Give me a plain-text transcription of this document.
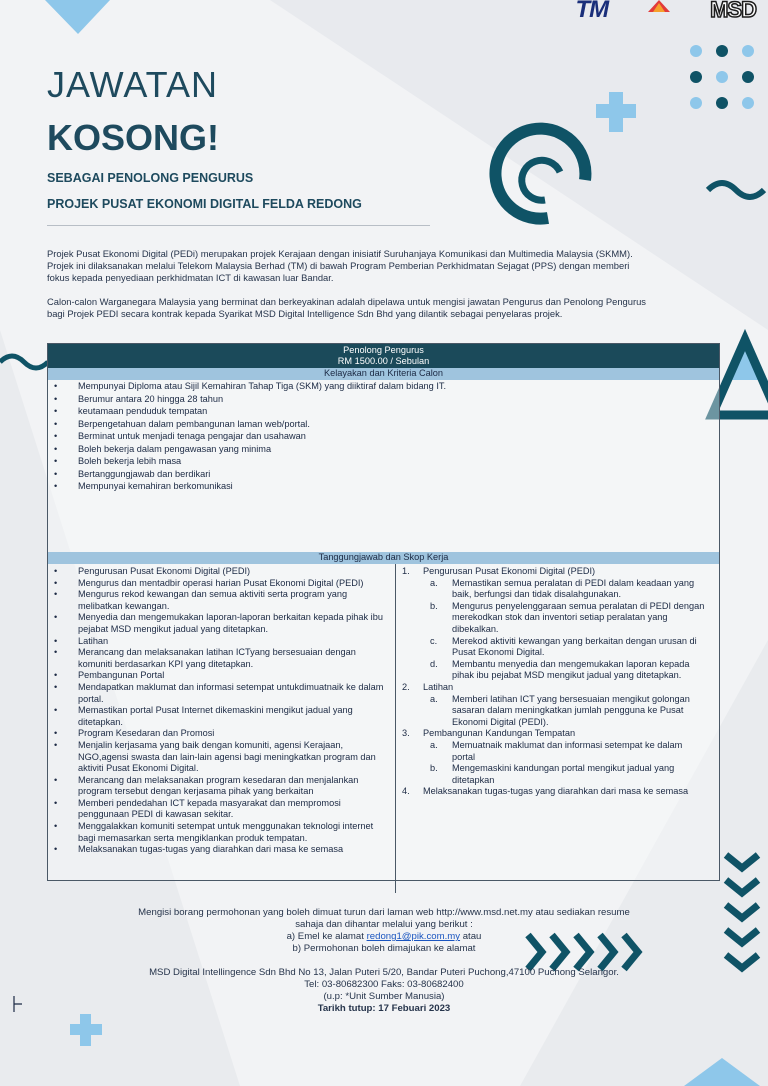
TM	MSD
JAWATAN
KOSONG!
SEBAGAI PENOLONG PENGURUS
PROJEK PUSAT EKONOMI DIGITAL FELDA REDONG
Projek Pusat Ekonomi Digital (PEDi) merupakan projek Kerajaan dengan inisiatif Suruhanjaya Komunikasi dan Multimedia Malaysia (SKMM). Projek ini dilaksanakan melalui Telekom Malaysia Berhad (TM) di bawah Program Pemberian Perkhidmatan Sejagat (PPS) dengan memberi fokus kepada penyediaan perkhidmatan ICT di kawasan luar Bandar.
Calon-calon Warganegara Malaysia yang berminat dan berkeyakinan adalah dipelawa untuk mengisi jawatan Pengurus dan Penolong Pengurus bagi Projek PEDI secara kontrak kepada Syarikat MSD Digital Intelligence Sdn Bhd yang dilantik sebagai penyelaras projek.
Penolong Pengurus
RM 1500.00 / Sebulan
Kelayakan dan Kriteria Calon
• Mempunyai Diploma atau Sijil Kemahiran Tahap Tiga (SKM) yang diiktiraf dalam bidang IT.
• Berumur antara 20 hingga 28 tahun
• keutamaan penduduk tempatan
• Berpengetahuan dalam pembangunan laman web/portal.
• Berminat untuk menjadi tenaga pengajar dan usahawan
• Boleh bekerja dalam pengawasan yang minima
• Boleh bekerja lebih masa
• Bertanggungjawab dan berdikari
• Mempunyai kemahiran berkomunikasi
Tanggungjawab dan Skop Kerja
• Pengurusan Pusat Ekonomi Digital (PEDI)
• Mengurus dan mentadbir operasi harian Pusat Ekonomi Digital (PEDI)
• Mengurus rekod kewangan dan semua aktiviti serta program yang melibatkan kewangan.
• Menyedia dan mengemukakan laporan-laporan berkaitan kepada pihak ibu pejabat MSD mengikut jadual yang ditetapkan.
• Latihan
• Merancang dan melaksanakan latihan ICTyang bersesuaian dengan komuniti berdasarkan KPI yang ditetapkan.
• Pembangunan Portal
• Mendapatkan maklumat dan informasi setempat untukdimuatnaik ke dalam portal.
• Memastikan portal Pusat Internet dikemaskini mengikut jadual yang ditetapkan.
• Program Kesedaran dan Promosi
• Menjalin kerjasama yang baik dengan komuniti, agensi Kerajaan, NGO,agensi swasta dan lain-lain agensi bagi meningkatkan program dan aktiviti Pusat Ekonomi Digital.
• Merancang dan melaksanakan program kesedaran dan menjalankan program tersebut dengan kerjasama pihak yang berkaitan
• Memberi pendedahan ICT kepada masyarakat dan mempromosi penggunaan PEDI di kawasan sekitar.
• Menggalakkan komuniti setempat untuk menggunakan teknologi internet bagi memasarkan serta mengiklankan produk tempatan.
• Melaksanakan tugas-tugas yang diarahkan dari masa ke semasa
1. Pengurusan Pusat Ekonomi Digital (PEDI)
a. Memastikan semua peralatan di PEDI dalam keadaan yang baik, berfungsi dan tidak disalahgunakan.
b. Mengurus penyelenggaraan semua peralatan di PEDI dengan merekodkan stok dan inventori setiap peralatan yang dibekalkan.
c. Merekod aktiviti kewangan yang berkaitan dengan urusan di Pusat Ekonomi Digital.
d. Membantu menyedia dan mengemukakan laporan kepada pihak ibu pejabat MSD mengikut jadual yang ditetapkan.
2. Latihan
a. Memberi latihan ICT yang bersesuaian mengikut golongan sasaran dalam meningkatkan jumlah pengguna ke Pusat Ekonomi Digital (PEDI).
3. Pembangunan Kandungan Tempatan
a. Memuatnaik maklumat dan informasi setempat ke dalam portal
b. Mengemaskini kandungan portal mengikut jadual yang ditetapkan
4. Melaksanakan tugas-tugas yang diarahkan dari masa ke semasa
Mengisi borang permohonan yang boleh dimuat turun dari laman web http://www.msd.net.my atau sediakan resume
sahaja dan dihantar melalui yang berikut :
a) Emel ke alamat redong1@pik.com.my atau
b) Permohonan boleh dimajukan ke alamat
MSD Digital Intellingence Sdn Bhd No 13, Jalan Puteri 5/20, Bandar Puteri Puchong,47100 Puchong Selangor.
Tel: 03-80682300 Faks: 03-80682400
(u.p: *Unit Sumber Manusia)
Tarikh tutup: 17 Febuari 2023
